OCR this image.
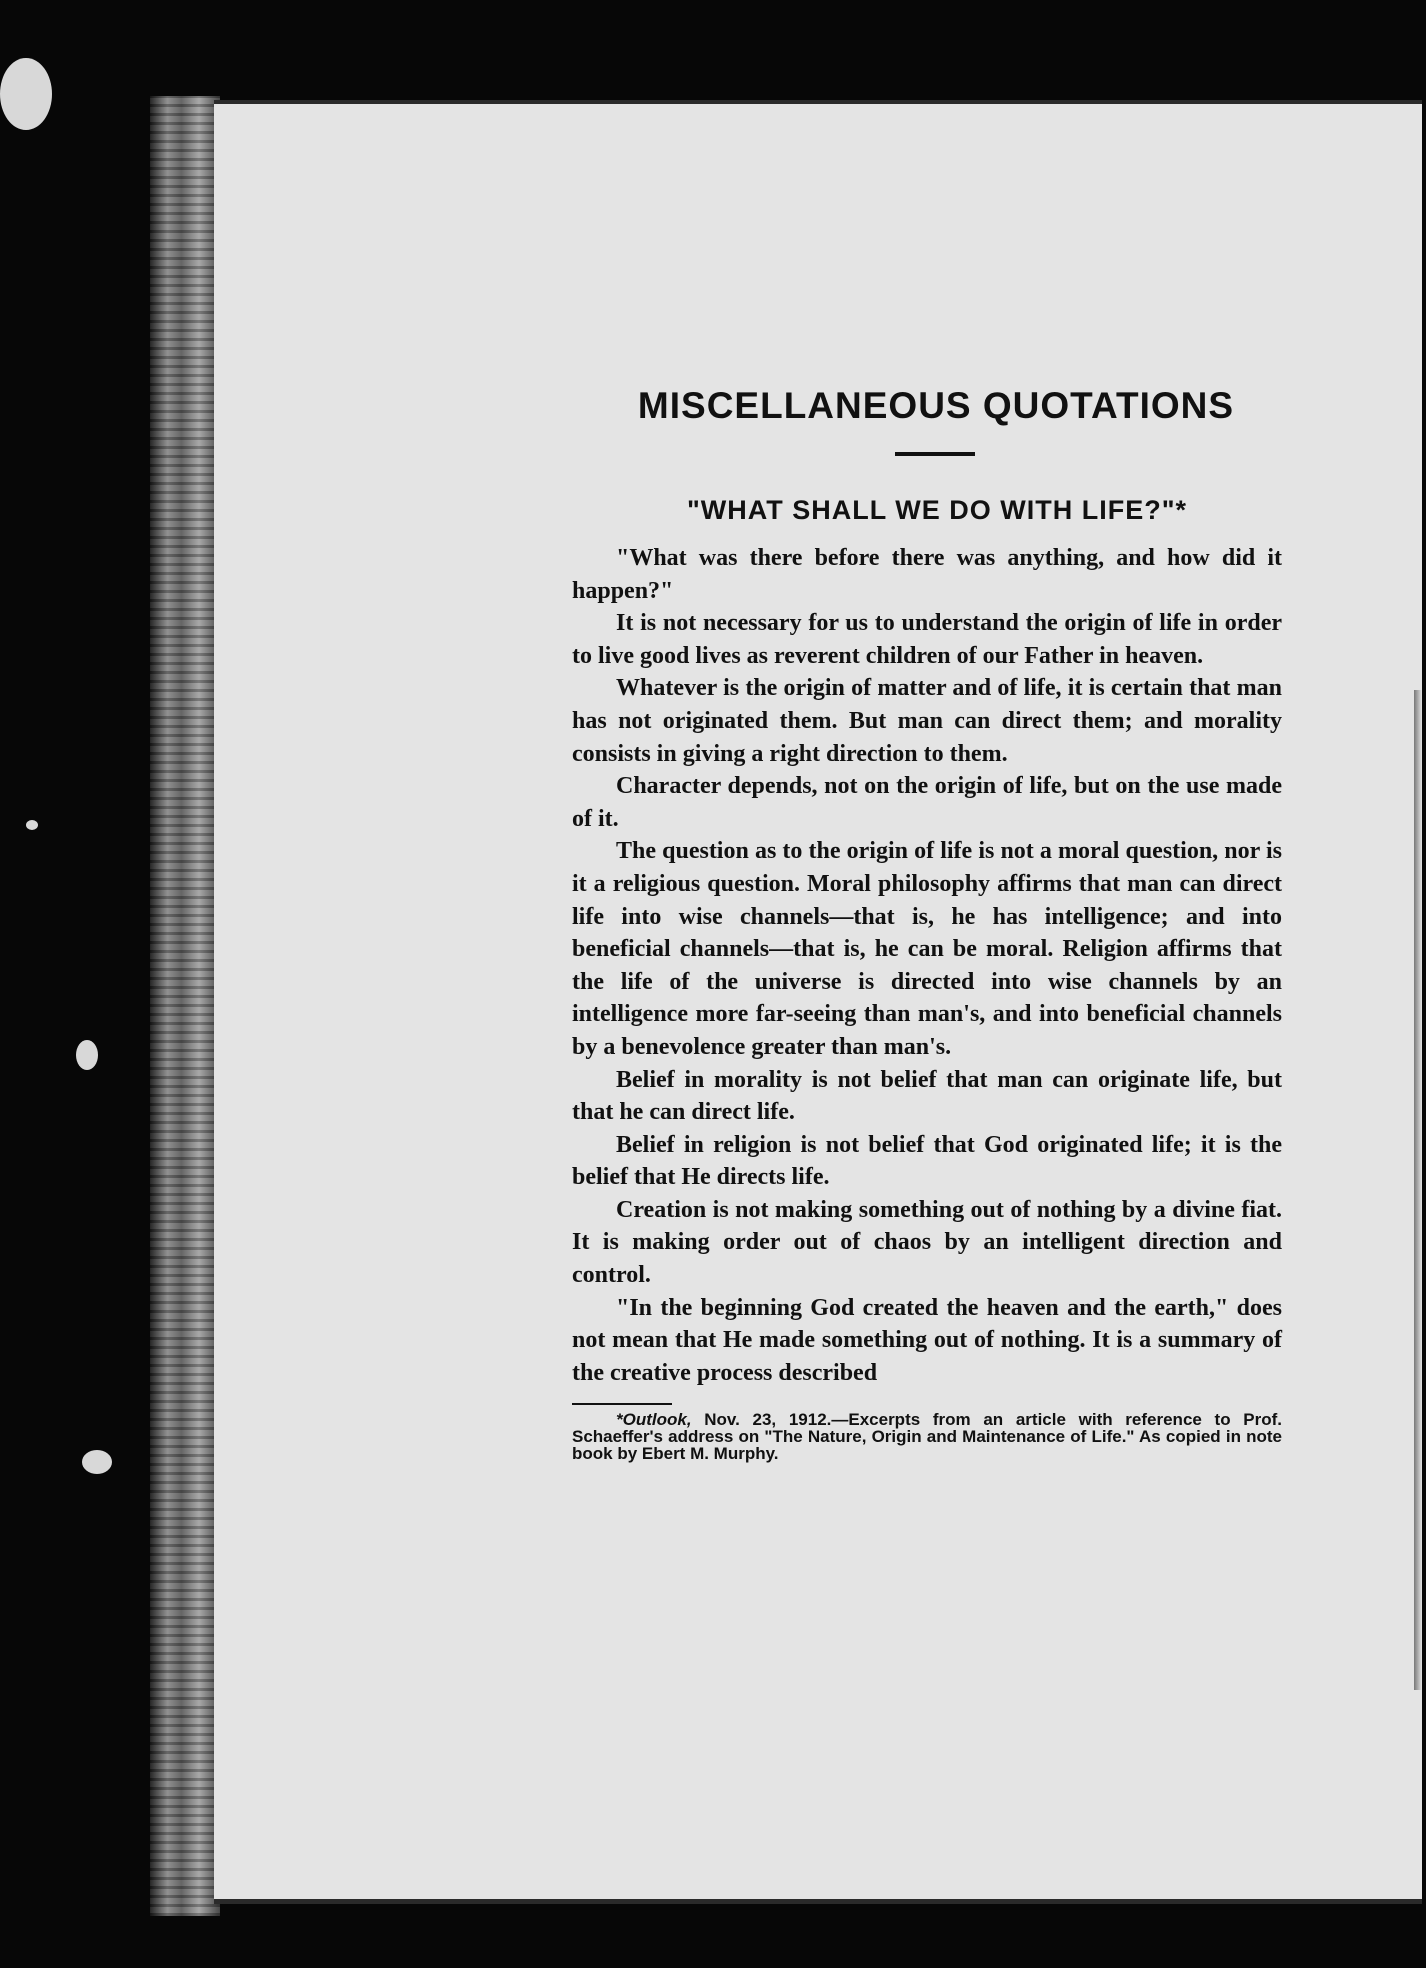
MISCELLANEOUS QUOTATIONS
"WHAT SHALL WE DO WITH LIFE?"*

"What was there before there was anything, and how did it happen?"

It is not necessary for us to understand the origin of life in order to live good lives as reverent children of our Father in heaven.

Whatever is the origin of matter and of life, it is certain that man has not originated them. But man can direct them; and morality consists in giving a right direction to them.

Character depends, not on the origin of life, but on the use made of it.

The question as to the origin of life is not a moral question, nor is it a religious question. Moral philosophy affirms that man can direct life into wise channels—that is, he has intelligence; and into beneficial channels—that is, he can be moral. Religion affirms that the life of the universe is directed into wise channels by an intelligence more far-seeing than man's, and into beneficial channels by a benevolence greater than man's.

Belief in morality is not belief that man can originate life, but that he can direct life.

Belief in religion is not belief that God originated life; it is the belief that He directs life.

Creation is not making something out of nothing by a divine fiat. It is making order out of chaos by an intelligent direction and control.

"In the beginning God created the heaven and the earth," does not mean that He made something out of nothing. It is a summary of the creative process described

*Outlook, Nov. 23, 1912.—Excerpts from an article with reference to Prof. Schaeffer's address on "The Nature, Origin and Maintenance of Life." As copied in note book by Ebert M. Murphy.
